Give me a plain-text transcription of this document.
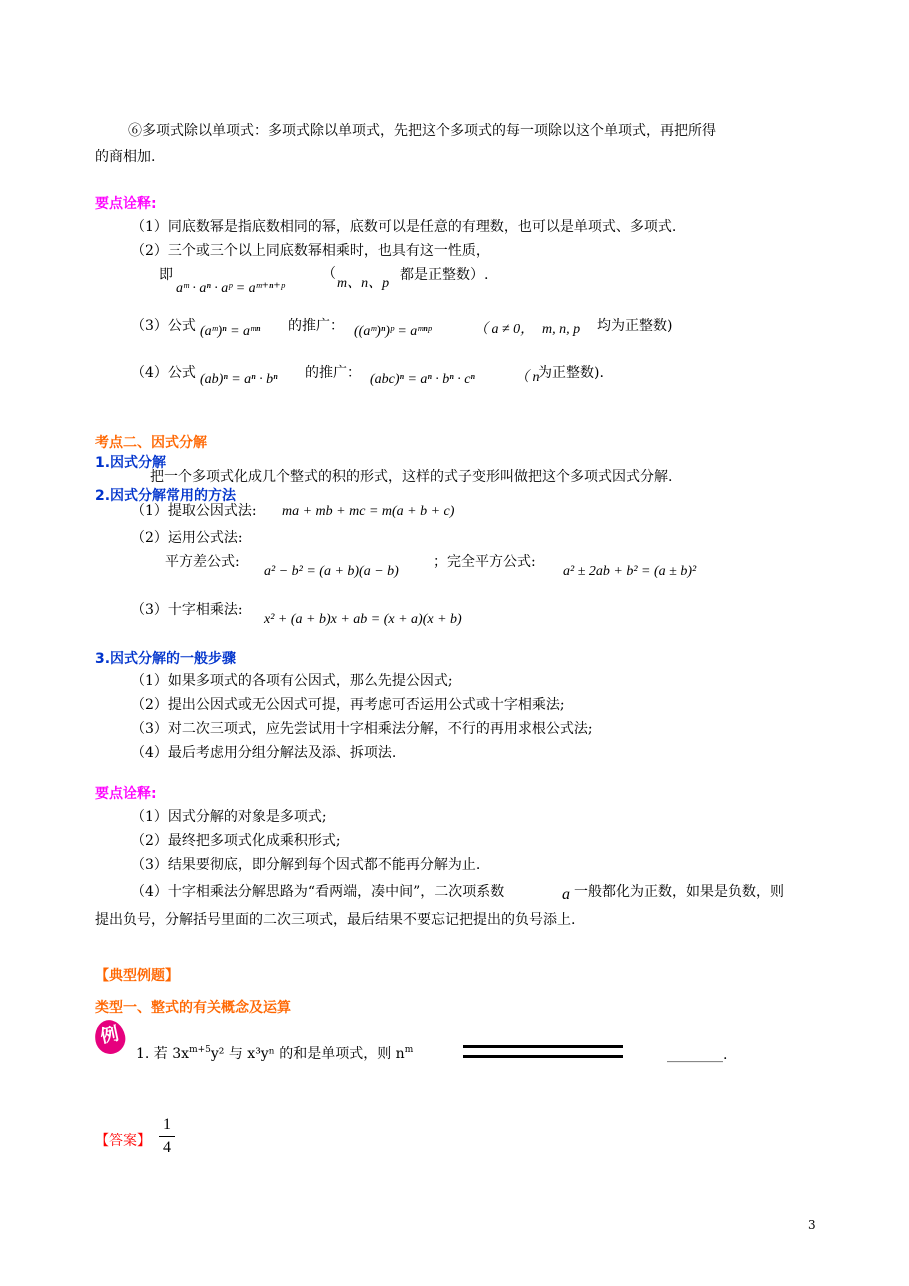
⑥多项式除以单项式：多项式除以单项式，先把这个多项式的每一项除以这个单项式，再把所得
的商相加.
要点诠释:
（1）同底数幂是指底数相同的幂，底数可以是任意的有理数，也可以是单项式、多项式.
（2）三个或三个以上同底数幂相乘时，也具有这一性质，
即
aᵐ · aⁿ · aᵖ = aᵐ⁺ⁿ⁺ᵖ
（
m、n、p
都是正整数）.
（3）公式 (aᵐ)ⁿ = aᵐⁿ 的推广： ((aᵐ)ⁿ)ᵖ = aᵐⁿᵖ	（ a ≠ 0， m, n, p 均为正整数)
（4）公式 (ab)ⁿ = aⁿ · bⁿ 的推广： (abc)ⁿ = aⁿ · bⁿ · cⁿ	（ n
为正整数).
考点二、因式分解
1.因式分解
把一个多项式化成几个整式的积的形式，这样的式子变形叫做把这个多项式因式分解.
2.因式分解常用的方法
（1）提取公因式法: ma + mb + mc = m(a + b + c)
（2）运用公式法:
平方差公式:
a² − b² = (a + b)(a − b)
；完全平方公式:
a² ± 2ab + b² = (a ± b)²
（3）十字相乘法:
x² + (a + b)x + ab = (x + a)(x + b)
3.因式分解的一般步骤
（1）如果多项式的各项有公因式，那么先提公因式;
（2）提出公因式或无公因式可提，再考虑可否运用公式或十字相乘法;
（3）对二次三项式，应先尝试用十字相乘法分解，不行的再用求根公式法;
（4）最后考虑用分组分解法及添、拆项法.
要点诠释:
（1）因式分解的对象是多项式;
（2）最终把多项式化成乘积形式;
（3）结果要彻底，即分解到每个因式都不能再分解为止.
（4）十字相乘法分解思路为“看两端，凑中间”，二次项系数	a 一般都化为正数，如果是负数，则
提出负号，分解括号里面的二次三项式，最后结果不要忘记把提出的负号添上.
【典型例题】
类型一、整式的有关概念及运算
例
1. 若 $3x^{m+5}y^2$ 与 x³yⁿ 的和是单项式，则 $n^m$	________.
【答案】
1
4
3
